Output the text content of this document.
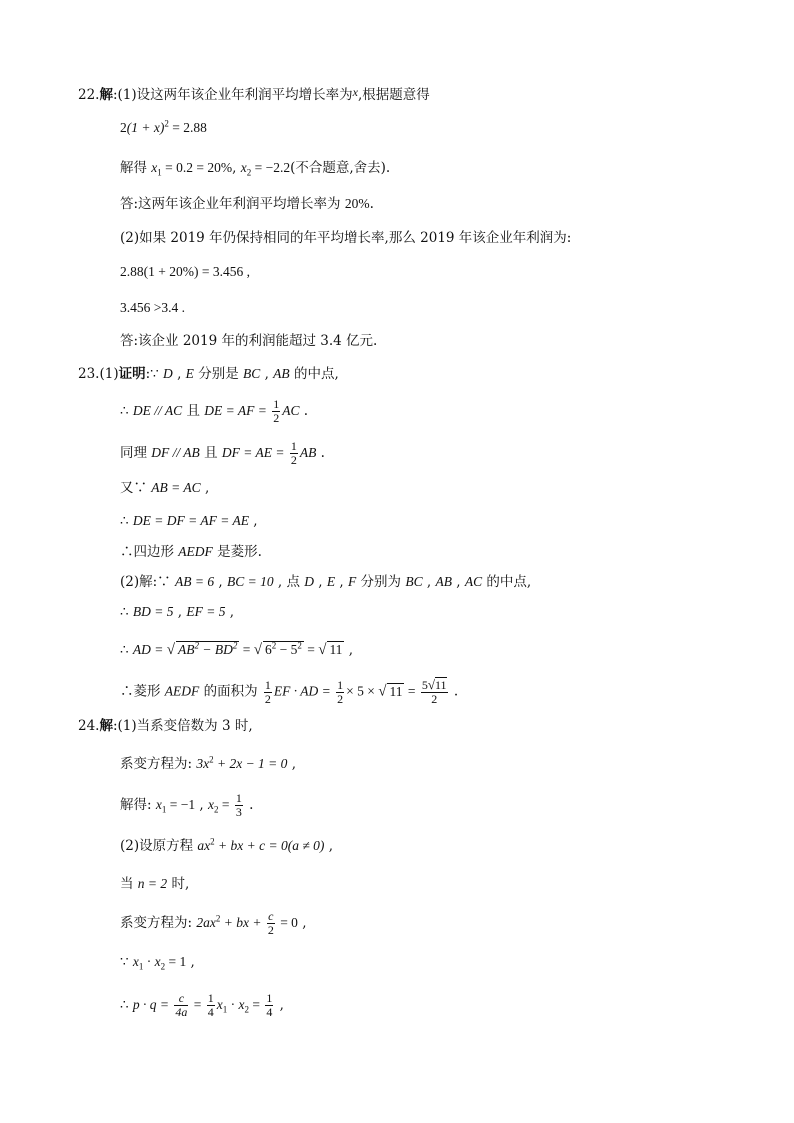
22.解:(1)设这两年该企业年利润平均增长率为x,根据题意得
$2(1 + x)^2 = 2.88$
解得 $x_1 = 0.2 = 20\%$, $x_2 = -2.2$(不合题意,舍去).
答:这两年该企业年利润平均增长率为 20%.
(2)如果 2019 年仍保持相同的年平均增长率,那么 2019 年该企业年利润为:
2.88(1 + 20%) = 3.456 ,
3.456 >3.4 .
答:该企业 2019 年的利润能超过 3.4 亿元.
23.(1)证明:∵ D , E 分别是 BC , AB 的中点,
∴ DE // AC 且 DE = AF = $\frac{1}{2}$ AC .
同理 DF // AB 且 DF = AE = $\frac{1}{2}$ AB .
又∵ AB = AC ,
∴ DE = DF = AF = AE ,
∴四边形 AEDF 是菱形.
(2)解:∵ AB = 6 , BC = 10 , 点 D , E , F 分别为 BC , AB , AC 的中点,
∴ BD = 5 , EF = 5 ,
∴ AD = √ $AB^2 - BD^2$ = √ $6^2 - 5^2$ = √ 11 ,
∴菱形 AEDF 的面积为 $\frac{1}{2}$ EF · AD = $\frac{1}{2} \times 5$ × √ $11 = \frac{5√11}{2}$ .
24.解:(1)当系变倍数为 3 时,
系变方程为: $3x^2 + 2x - 1 = 0$ ,
解得: $x_1 = -1$ , $x_2 = \frac{1}{3}$ .
(2)设原方程 $ax^2$ + bx + c = 0(a ≠ 0) ,
当 n = 2 时,
系变方程为: $2ax^2$ + bx + $\frac{c}{2} = 0$ ,
∵ $x_1 \cdot x_2 = 1$ ,
∴ $p \cdot q = \frac{c}{4a} = \frac{1}{4} x_1 \cdot x_2 = \frac{1}{4}$ ,
